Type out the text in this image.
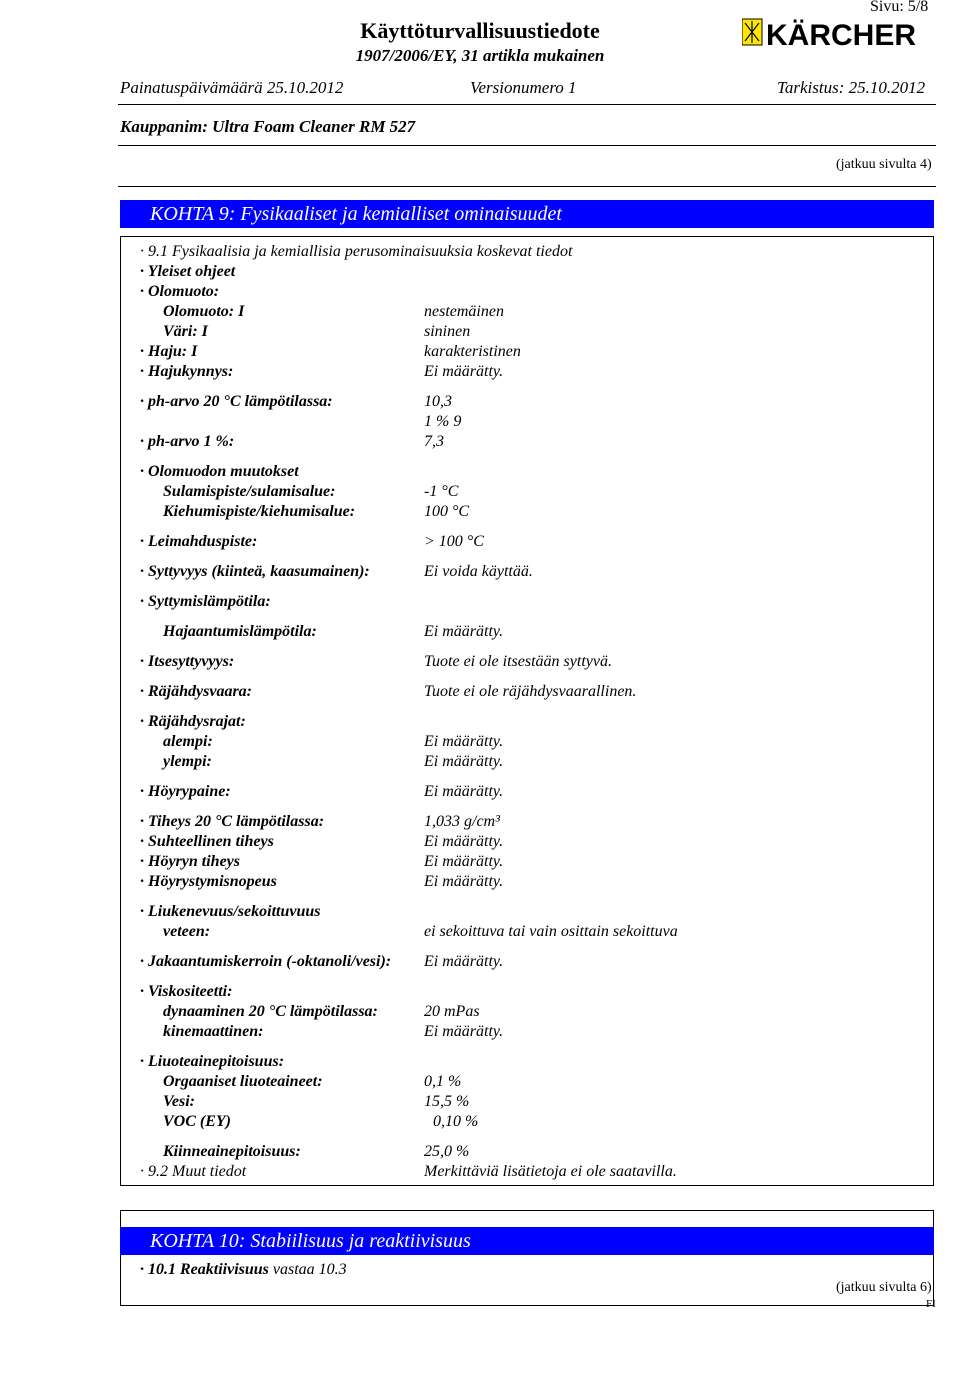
Sivu: 5/8
Käyttöturvallisuustiedote
1907/2006/EY, 31 artikla mukainen
KÄRCHER
Painatuspäivämäärä 25.10.2012	Versionumero 1	Tarkistus: 25.10.2012
Kauppanim: Ultra Foam Cleaner RM 527
(jatkuu sivulta 4)
KOHTA 9: Fysikaaliset ja kemialliset ominaisuudet
· 9.1 Fysikaalisia ja kemiallisia perusominaisuuksia koskevat tiedot
· Yleiset ohjeet
· Olomuoto:
Olomuoto: I	nestemäinen
Väri: I	sininen
· Haju: I	karakteristinen
· Hajukynnys:	Ei määrätty.
· ph-arvo 20 °C lämpötilassa:	10,3
1 % 9
· ph-arvo 1 %:	7,3
· Olomuodon muutokset
Sulamispiste/sulamisalue:	-1 °C
Kiehumispiste/kiehumisalue:	100 °C
· Leimahduspiste:	> 100 °C
· Syttyvyys (kiinteä, kaasumainen):	Ei voida käyttää.
· Syttymislämpötila:
Hajaantumislämpötila:	Ei määrätty.
· Itsesyttyvyys:	Tuote ei ole itsestään syttyvä.
· Räjähdysvaara:	Tuote ei ole räjähdysvaarallinen.
· Räjähdysrajat:
alempi:	Ei määrätty.
ylempi:	Ei määrätty.
· Höyrypaine:	Ei määrätty.
· Tiheys 20 °C lämpötilassa:	1,033 g/cm³
· Suhteellinen tiheys	Ei määrätty.
· Höyryn tiheys	Ei määrätty.
· Höyrystymisnopeus	Ei määrätty.
· Liukenevuus/sekoittuvuus
veteen:	ei sekoittuva tai vain osittain sekoittuva
· Jakaantumiskerroin (-oktanoli/vesi): Ei määrätty.
· Viskositeetti:
dynaaminen 20 °C lämpötilassa:	20 mPas
kinemaattinen:	Ei määrätty.
· Liuoteainepitoisuus:
Orgaaniset liuoteaineet:	0,1 %
Vesi:	15,5 %
VOC (EY)	0,10 %
Kiinneainepitoisuus:	25,0 %
· 9.2 Muut tiedot	Merkittäviä lisätietoja ei ole saatavilla.
KOHTA 10: Stabiilisuus ja reaktiivisuus
· 10.1 Reaktiivisuus vastaa 10.3
(jatkuu sivulta 6)
FI
